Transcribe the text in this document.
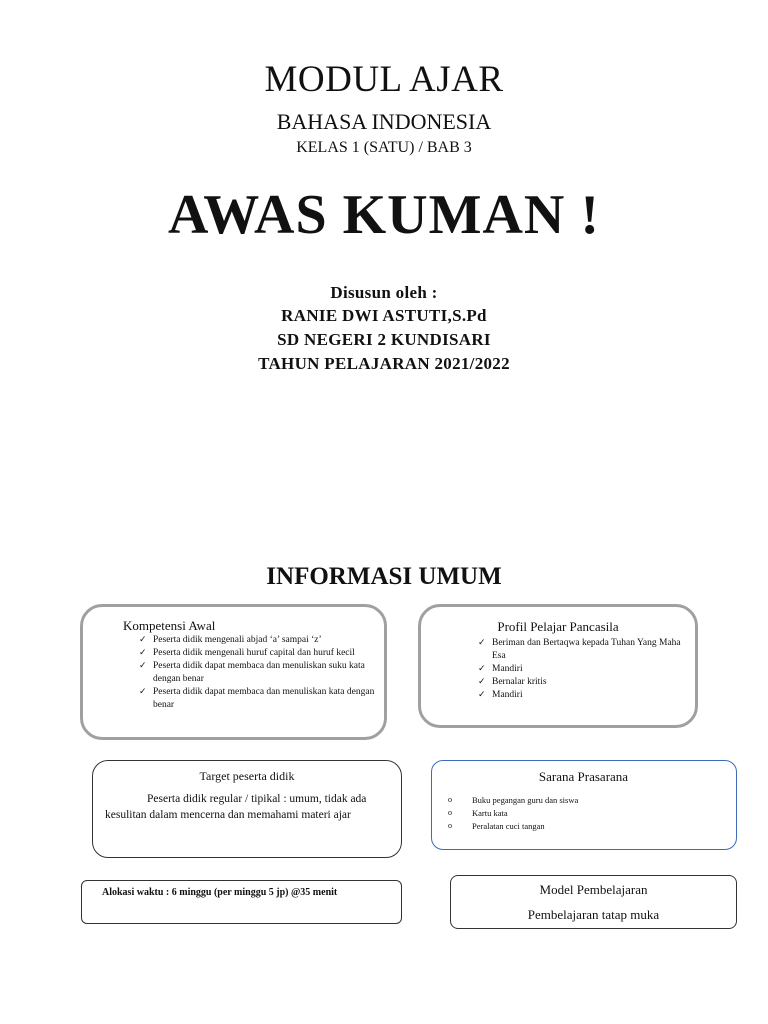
MODUL AJAR
BAHASA INDONESIA
KELAS 1 (SATU) / BAB 3
AWAS KUMAN !
Disusun oleh :
RANIE DWI ASTUTI,S.Pd
SD NEGERI 2 KUNDISARI
TAHUN PELAJARAN 2021/2022
INFORMASI UMUM
Kompetensi Awal
✓ Peserta didik mengenali abjad ‘a’ sampai ‘z’
✓ Peserta didik mengenali huruf capital dan huruf kecil
✓ Peserta didik dapat membaca dan menuliskan suku kata dengan benar
✓ Peserta didik dapat membaca dan menuliskan kata dengan benar
Profil Pelajar Pancasila
✓ Beriman dan Bertaqwa kepada Tuhan Yang Maha Esa
✓ Mandiri
✓ Bernalar kritis
✓ Mandiri
Target peserta didik
Peserta didik regular / tipikal : umum, tidak ada kesulitan dalam mencerna dan memahami materi ajar
Sarana Prasarana
o Buku pegangan guru dan siswa
o Kartu kata
o Peralatan cuci tangan
Alokasi waktu : 6 minggu (per minggu 5 jp) @35 menit	Model Pembelajaran
Pembelajaran tatap muka
